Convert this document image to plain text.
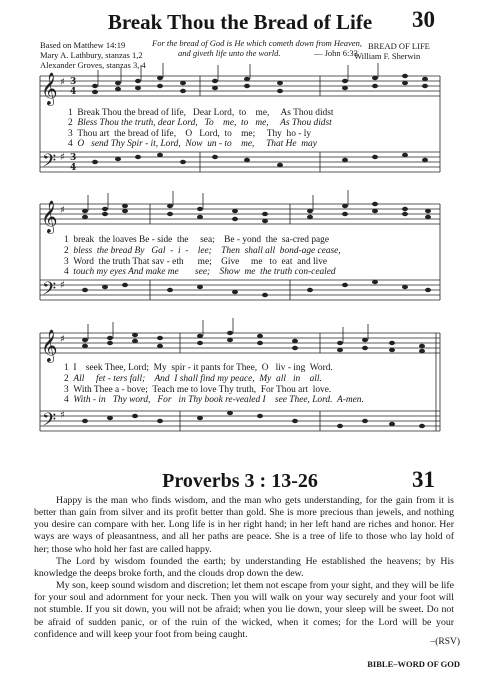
Break Thou the Bread of Life	30
Based on Matthew 14:19
Mary A. Lathbury, stanzas 1,2
Alexander Groves, stanzas 3, 4
For the bread of God is He which cometh down from Heaven,
and giveth life unto the world.	— John 6:33
BREAD OF LIFE
William F. Sherwin
𝄞
𝄢
𝄞
𝄢
𝄞
𝄢
♯ 3
4
♯ 3
4
♯
♯
♯
♯
1 Break Thou the bread of life,   Dear Lord,  to    me,     As Thou didst
2 Bless Thou the truth, dear Lord,   To    me,  to   me,     As Thou didst
3 Thou art  the bread of life,    O   Lord,  to    me;     Thy  ho - ly
4 O   send Thy Spir - it, Lord,  Now  un - to    me,     That He  may
1 break  the loaves Be - side  the     sea;    Be - yond  the  sa-cred page
2 bless  the bread By   Gal  -  i  -    lee;    Then  shall all  bond-age cease,
3 Word  the truth That sav - eth      me;    Give     me   to  eat  and live
4 touch my eyes And make me       see;    Show  me  the truth con-cealed
1 I    seek Thee, Lord;  My  spir - it pants for Thee,  O   liv - ing  Word.
2 All     fet - ters fall;    And  I shall find my peace,  My  all   in    all.
3 With Thee a - bove;  Teach me to love Thy truth,  For Thou art  love.
4 With - in   Thy word,   For   in Thy book re-vealed I    see Thee, Lord.  A-men.
Proverbs 3 : 13-26	31

Happy is the man who finds wisdom, and the man who gets understanding, for the gain from it is better than gain from silver and its profit better than gold. She is more precious than jewels, and nothing you desire can compare with her. Long life is in her right hand; in her left hand are riches and honor. Her ways are ways of pleasantness, and all her paths are peace. She is a tree of life to those who lay hold of her; those who hold her fast are called happy.

The Lord by wisdom founded the earth; by understanding He established the heavens; by His knowledge the deeps broke forth, and the clouds drop down the dew.

My son, keep sound wisdom and discretion; let them not escape from your sight, and they will be life for your soul and adornment for your neck. Then you will walk on your way securely and your foot will not stumble. If you sit down, you will not be afraid; when you lie down, your sleep will be sweet. Do not be afraid of sudden panic, or of the ruin of the wicked, when it comes; for the Lord will be your confidence and will keep your foot from being caught.

–(RSV)
BIBLE–WORD OF GOD
